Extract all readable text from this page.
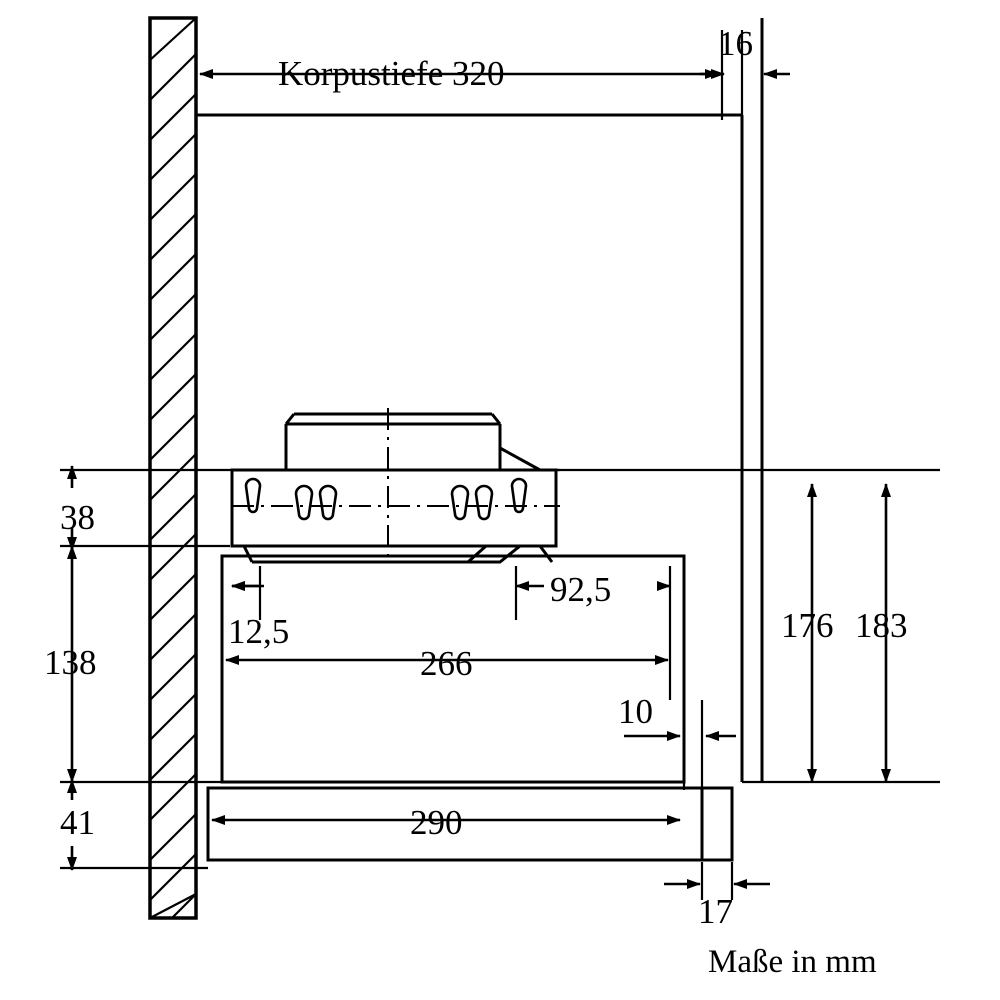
Korpustiefe 320
16
38
138
41
12,5
92,5
266
10
290
17
176 183
Maße in mm
